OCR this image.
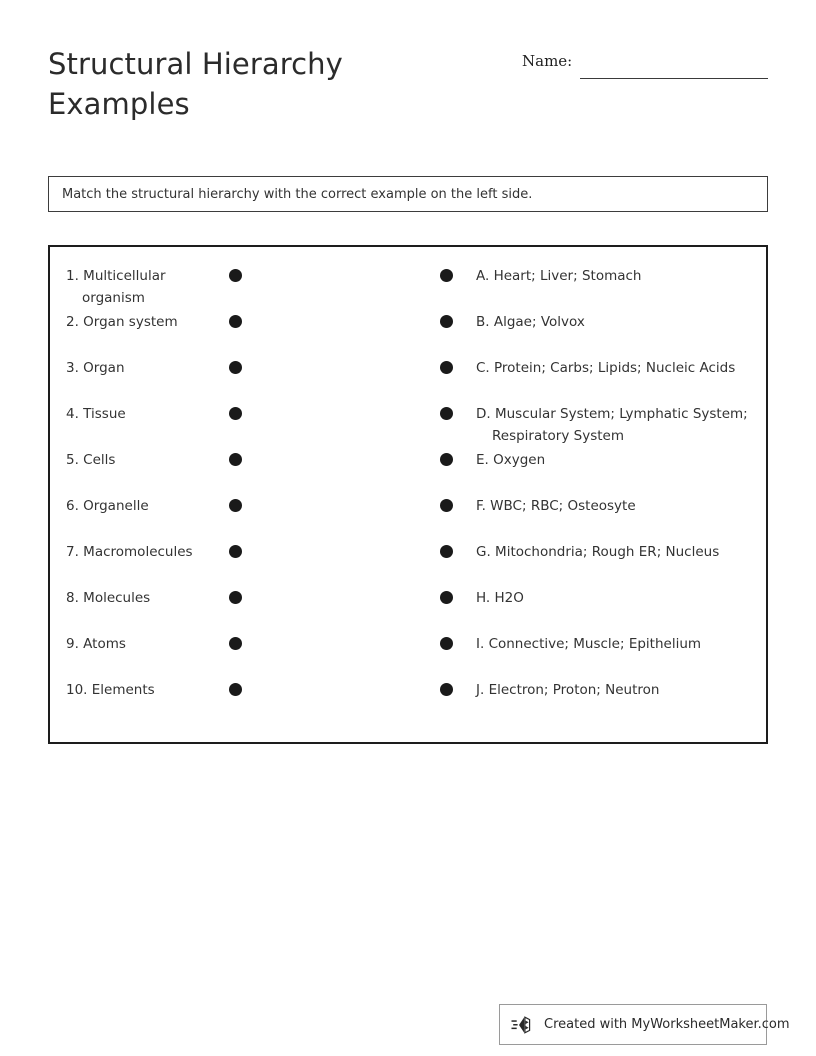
Structural Hierarchy
Examples
Name:
Match the structural hierarchy with the correct example on the left side.
1. Multicellular organism
2. Organ system
3. Organ
4. Tissue
5. Cells
6. Organelle
7. Macromolecules
8. Molecules
9. Atoms
10. Elements
A. Heart; Liver; Stomach
B. Algae; Volvox
C. Protein; Carbs; Lipids; Nucleic Acids
D. Muscular System; Lymphatic System; Respiratory System
E. Oxygen
F. WBC; RBC; Osteosyte
G. Mitochondria; Rough ER; Nucleus
H. H2O
I. Connective; Muscle; Epithelium
J. Electron; Proton; Neutron
Created with MyWorksheetMaker.com
